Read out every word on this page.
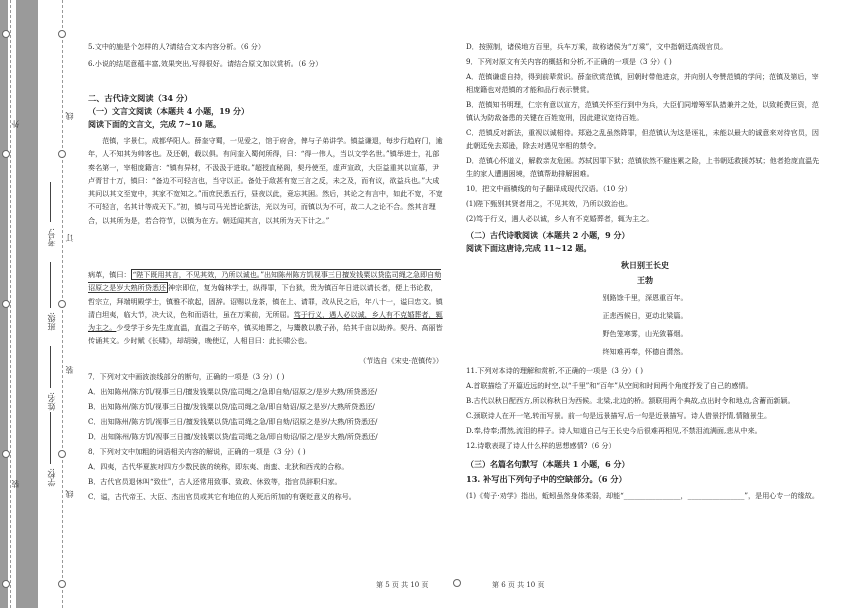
线
订
装
线
外
装
考号:
班级:
姓名:
学校:

5.文中的施是个怎样的人?请结合文本内容分析。（6 分）

6.小说的结尾意蕴丰富,效果突出,写得很好。请结合原文加以赏析。（6 分）

二、古代诗文阅读（34 分）

（一）文言文阅读（本题共 4 小题，19 分）

阅读下面的文言文，完成 7~10 题。

范镇，字景仁，成都华阳人。薛奎守蜀，一见爱之，馆于府舍，俾与子弟讲学。镇益谦退，每步行趋府门，逾年，人不知其为帅客也。及还朝，载以俱。有问奎入蜀何所得，曰：“得一伟人，当以文学名世。”镇举进士，礼部奏名第一，宰相庞籍言：“镇有异材，不汲汲于进取。”超授直秘阁，契丹使至，虚声宣政，大臣益重其以宣慕，尹卢胥甘十万，镇曰：“备边不可轻言也，当守以正。备处于敌甚有宽三言之反，未之及，而有议，欲益兵也。”大成其问以其文至宽中，其家不宽知之。”而庶民悉五行，昼夜以此，竟忘其困。然后，其论之有言中，如此不宽，不宽不可轻言，名其计等成天下。”初，镇与司马光皆论新法，光以为可，而镇以为不可，故二人之论不合。然其言理合，以其所为是，若合符节，以镇为在方。朝廷闻其言，以其所为天下计之。”

病革，镇曰： “陛下既用其言，不见其效，乃所以诚也。”出知陈州陈方饥视事三日擅发钱粟以贷监司绳之急即自劾诏原之是岁大熟所贷悉还 神宗即位，复为翰林学士，纵得罪，下台狱，贵为镇百年日进以请长者，便上书论救，哲宗立，拜端明殿学士，镇雅不欲起，固辞。诏赐以龙茶，镇在上、请罪，改从民之后，年八十一，谥曰忠文。镇清白坦夷，临大节，决大议，色和而语壮，虽在万乘前，无所屈。笃于行义，遇人必以诚，乡人有不克婚葬者，辄为主之。少受学于乡先生庞直温，直温之子昉卒，镇买地葬之，与鬻教以教子孙，给其千亩以助养。契丹、高丽皆传诵其文。少时赋《长啸》，却胡骑，晚使辽，人相目曰：此长啸公也。

（节选自《宋史·范镇传》）

7．下列对文中画波浪线部分的断句，正确的一项是（3 分）( )

A．出知陈州/陈方饥/视事三日/擅发钱粟以贷/监司绳之/急即自劾/诏原之/是岁大熟/所贷悉还/

B．出知陈州/陈方饥/视事三日擅/发钱粟以贷/监司绳之急/即自劾诏/原之是岁/大熟所贷悉还/

C．出知陈州/陈方饥/视事三日/擅发钱粟以贷/监司绳之急/即自劾/诏原之是岁/大熟/所贷悉还/

D．出知陈州/陈方饥/视事三日擅/发钱粟以贷/监司绳之急/即自劾诏/原之/是岁大熟/所贷悉还/

8．下列对文中加粗的词语相关内容的解说，正确的一项是（3 分）( )

A．四夷，古代华夏族对四方少数民族的统称，即东夷、南蛮、北狄和西戎的合称。

B．古代官员退休叫“致仕”，古人还常用致事、致政、休致等，指官员辞职归家。

C．谥，古代帝王、大臣、杰出官员或其它有地位的人死后所加的有褒贬意义的称号。

D．按照制，诸侯地方百里，兵车万乘，故称诸侯为“万乘”，文中指朝廷高级官员。

9．下列对原文有关内容的概括和分析,不正确的一项是（3 分）( )

A．范镇谦虚自持，得到前辈赏识。薛奎欣赏范镇，回朝时带他进京，并向别人夸赞范镇的学问；范镇及第后，宰相庞籍也对范镇的才能和品行表示赞赏。

B．范镇知书明理，仁宗有意以宣方，范镇关怀至行到中为兵，大臣们同增筹军队措兼并之处，以致耗费巨资，范镇认为防敌备患的关键在百姓宽刑，因此建议宽待百姓。

C．范镇反对新法，重视以诚相待。郑逊之乱虽然降罪，但范镇认为这是诬礼，未能以最大的诚意来对待官员，因此朝廷免去郑逊，除去对遇见宰相的禁令。

D．范镇心怀道义，解救亲友危困。苏轼因罪下狱；范镇依然不避连累之险，上书朝廷救援苏轼；他者抢庞直温先生的家人遭遇困境，范镇帮助排解困难。

10．把文中画横线的句子翻译成现代汉语。（10 分）

(1)陛下甄别其贤者用之，不见其效，乃所以致治也。

(2)笃于行义，遇人必以诚，乡人有不克婚葬者，辄为主之。

（二）古代诗歌阅读（本题共 2 小题，9 分）

阅读下面这唐诗,完成 11~12 题。

秋日别王长史

王勃

别路馀千里，深恩重百年。

正悲西候日，更动北梁篇。

野色笼寒雾，山光敛暮烟。

终知难再奉，怀德自潸然。

11.下列对本诗的理解和赏析,不正确的一项是（3 分）( )

A.首联描绘了开篇近远的时空,以“千里”和“百年”从空间和时间两个角度抒发了自己的感情。

B.古代以秋日配西方,所以称秋日为西候。北梁,北边的桥。颔联用两个典故,点出时令和地点,含蓄而新颖。

C.颈联诗人在开一笔,转而写景。前一句是远景描写,后一句是近景描写。诗人借景抒情,情随景生。

D.奉,侍奉;潸然,流泪的样子。诗人知道自己与王长史今后很难再相见,不禁泪流满面,悲从中来。

12.诗歌表现了诗人什么样的思想感情?（6 分）

（三）名篇名句默写（本题共 1 小题，6 分）

13. 补写出下列句子中的空缺部分。（6 分）

(1)《荀子·劝学》指出，蚯蚓虽然身体柔弱，却能“________________，________________”，是用心专一的缘故。

第 5 页 共 10 页	第 6 页 共 10 页
